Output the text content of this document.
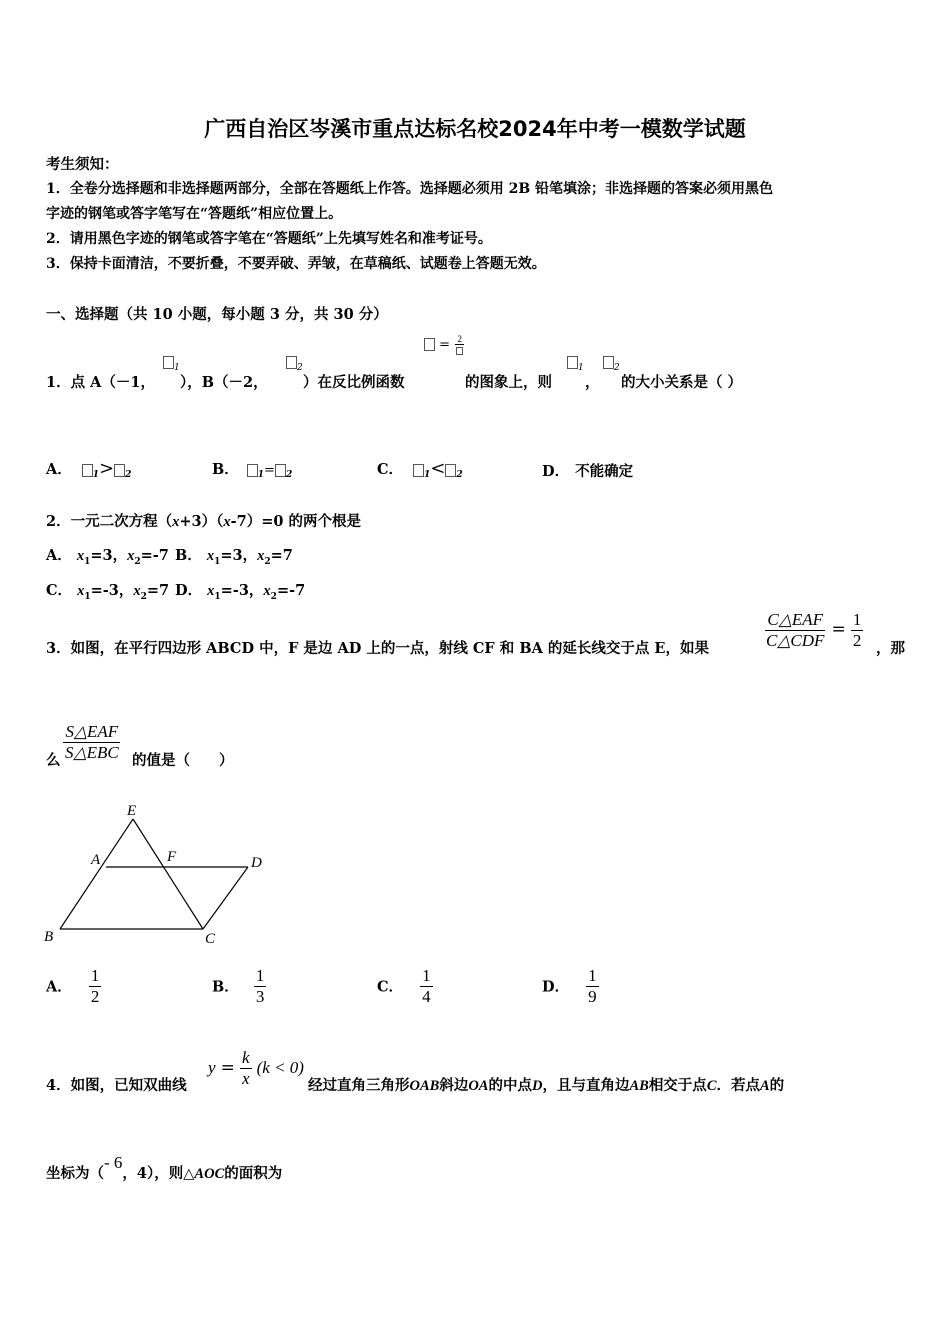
广西自治区岑溪市重点达标名校2024年中考一模数学试题
考生须知：
1．全卷分选择题和非选择题两部分，全部在答题纸上作答。选择题必须用 2B 铅笔填涂；非选择题的答案必须用黑色
字迹的钢笔或答字笔写在“答题纸”相应位置上。
2．请用黑色字迹的钢笔或答字笔在“答题纸”上先填写姓名和准考证号。
3．保持卡面清洁，不要折叠，不要弄破、弄皱，在草稿纸、试题卷上答题无效。
一、选择题（共 10 小题，每小题 3 分，共 30 分）
1．点 A（－1，
$_1$
），B（－2，
$_2$
）在反比例函数
= 2
的图象上，则
$_1$
，
$_2$
的大小关系是（ ）
A． $_1$> $_2$	B． $_1$= $_2$	C． $_1$< $_2$	D． 不能确定
2．一元二次方程（x+3）（x-7）=0 的两个根是
A． $x_1=3$，$x_2=-7$ B． $x_1=3$，$x_2=7$
C． $x_1=-3$，$x_2=7$ D． $x_1=-3$，$x_2=-7$
3．如图，在平行四边形 ABCD 中，F 是边 AD 上的一点，射线 CF 和 BA 的延长线交于点 E，如果	$\frac{\text{C△EAF}}{\text{C△CDF}} = \frac{1}{2}$ ，那
么 $\frac{\text{S△EAF}}{\text{S△EBC}}$ 的值是（　　）
E
A	F	D
B	C
A． $\frac{1}{2}$	B． $\frac{1}{3}$	C． $\frac{1}{4}$	D． $\frac{1}{9}$
4．如图，已知双曲线
$y = \frac{k}{x} (k < 0)$
经过直角三角形OAB斜边OA的中点D，且与直角边AB相交于点C．若点A的
坐标为（- 6，4），则△AOC的面积为
